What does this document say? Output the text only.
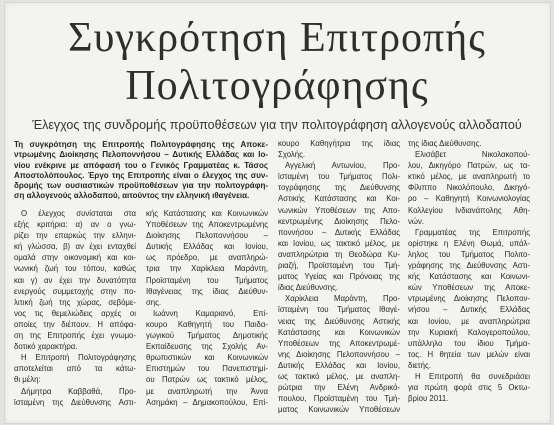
Συγκρότηση Επιτροπής
Πολιτογράφησης
Έλεγχος της συνδρομής προϋποθέσεων για την πολιτογράφηση αλλογενούς αλλοδαπού
Τη συγκρότηση της Επιτροπής Πολιτογράφησης της Αποκε-
ντρωμένης Διοίκησης Πελοποννήσου – Δυτικής Ελλάδας και Ιο-
νίου ενέκρινε με απόφασή του ο Γενικός Γραμματέας κ. Τάσος
Αποστολόπουλος. Έργο της Επιτροπής είναι ο έλεγχος της συν-
δρομής των ουσιαστικών προϋποθέσεων για την πολιτογράφη-
ση αλλογενούς αλλοδαπού, αιτούντος την ελληνική ιθαγένεια.
Ο έλεγχος συνίσταται στα
εξής κριτήρια: α) αν ο γνω-
ρίζει την επαρκώς την ελληνι-
κή γλώσσα, β) αν έχει ενταχθεί
ομαλά στην οικονομική και κοι-
νωνική ζωή του τόπου, καθώς
και γ) αν έχει την δυνατότητα
ενεργούς συμμετοχής στην πο-
λιτική ζωή της χώρας, σεβόμε-
νος τις θεμελιώδεις αρχές οι
οποίες την διέπουν. Η απόφα-
ση της Επιτροπής έχει γνωμο-
δοτικό χαρακτήρα.
Η Επιτροπή Πολιτογράφησης
αποτελείται από τα κάτω-
θι μέλη:
Δήμητρα Καββαθά, Προ-
ϊσταμένη της Διεύθυνσης Αστι-
κής Κατάστασης και Κοινωνικών
Υποθέσεων της Αποκεντρωμένης
Διοίκησης Πελοποννήσου –
Δυτικής Ελλάδας και Ιονίου,
ως πρόεδρο, με αναπληρώ-
τρια την Χαρίκλεια Μαράντη,
Προϊσταμένη του Τμήματος
Ιθαγένειας της ίδιας Διεύθυν-
σης.
Ιωάννη Καμαριανό, Επί-
κουρο Καθηγητή του Παιδα-
γωγικού Τμήματος Δημοτικής
Εκπαίδευσης της Σχολής Αν-
θρωπιστικών και Κοινωνικών
Επιστημών του Πανεπιστημί-
ου Πατρών ως τακτικό μέλος,
με αναπληρωτή την Άννα
Ασημάκη – Δημακοπούλου, Επί-
κουρο Καθηγήτρια της ίδιας
Σχολής.
Αγγελική Αντωνίου, Προ-
ϊσταμένη του Τμήματος Πολι-
τογράφησης της Διεύθυνσης
Αστικής Κατάστασης και Κοι-
νωνικών Υποθέσεων της Απο-
κεντρωμένης Διοίκησης Πελο-
ποννήσου – Δυτικής Ελλάδας
και Ιονίου, ως τακτικό μέλος, με
αναπληρώτρια τη Θεοδώρα Κυ-
ριαζή, Προϊσταμένη του Τμή-
ματος Υγείας και Πρόνοιας της
ίδιας Διεύθυνσης.
Χαρίκλεια Μαράντη, Προ-
ϊσταμένη του Τμήματος Ιθαγέ-
νειας της Διεύθυνσης Αστικής
Κατάστασης και Κοινωνικών
Υποθέσεων της Αποκεντρωμέ-
νης Διοίκησης Πελοποννήσου –
Δυτικής Ελλάδας και Ιονίου,
ως τακτικό μέλος, με αναπλη-
ρώτρια την Ελένη Ανδρικό-
πουλου, Προϊσταμένη του Τμή-
ματος Κοινωνικών Υποθέσεων
της ίδιας Διεύθυνσης.
Ελισάβετ Νικολακοπού-
λου, Δικηγόρο Πατρών, ως τα-
κτικό μέλος, με αναπληρωτή το
Φίλιππο Νικολόπουλο, Δικηγό-
ρο – Καθηγητή Κοινωνιολογίας
Κολλεγίου Ινδιανάπολης Αθη-
νών.
Γραμματέας της Επιτροπής
ορίστηκε η Ελένη Θωμά, υπάλ-
ληλος του Τμήματος Πολιτο-
γράφησης της Διεύθυνσης Αστι-
κής Κατάστασης και Κοινωνι-
κών Υποθέσεων της Αποκε-
ντρωμένης Διοίκησης Πελοπον-
νήσου – Δυτικής Ελλάδας
και Ιονίου, με αναπληρώτρια
την Κυριακή Καλογεροπούλου,
υπάλληλο του ίδιου Τμήμα-
τος. Η θητεία των μελών είναι
διετής.
Η Επιτροπή θα συνεδριάσει
για πρώτη φορά στις 5 Οκτω-
βρίου 2011.
